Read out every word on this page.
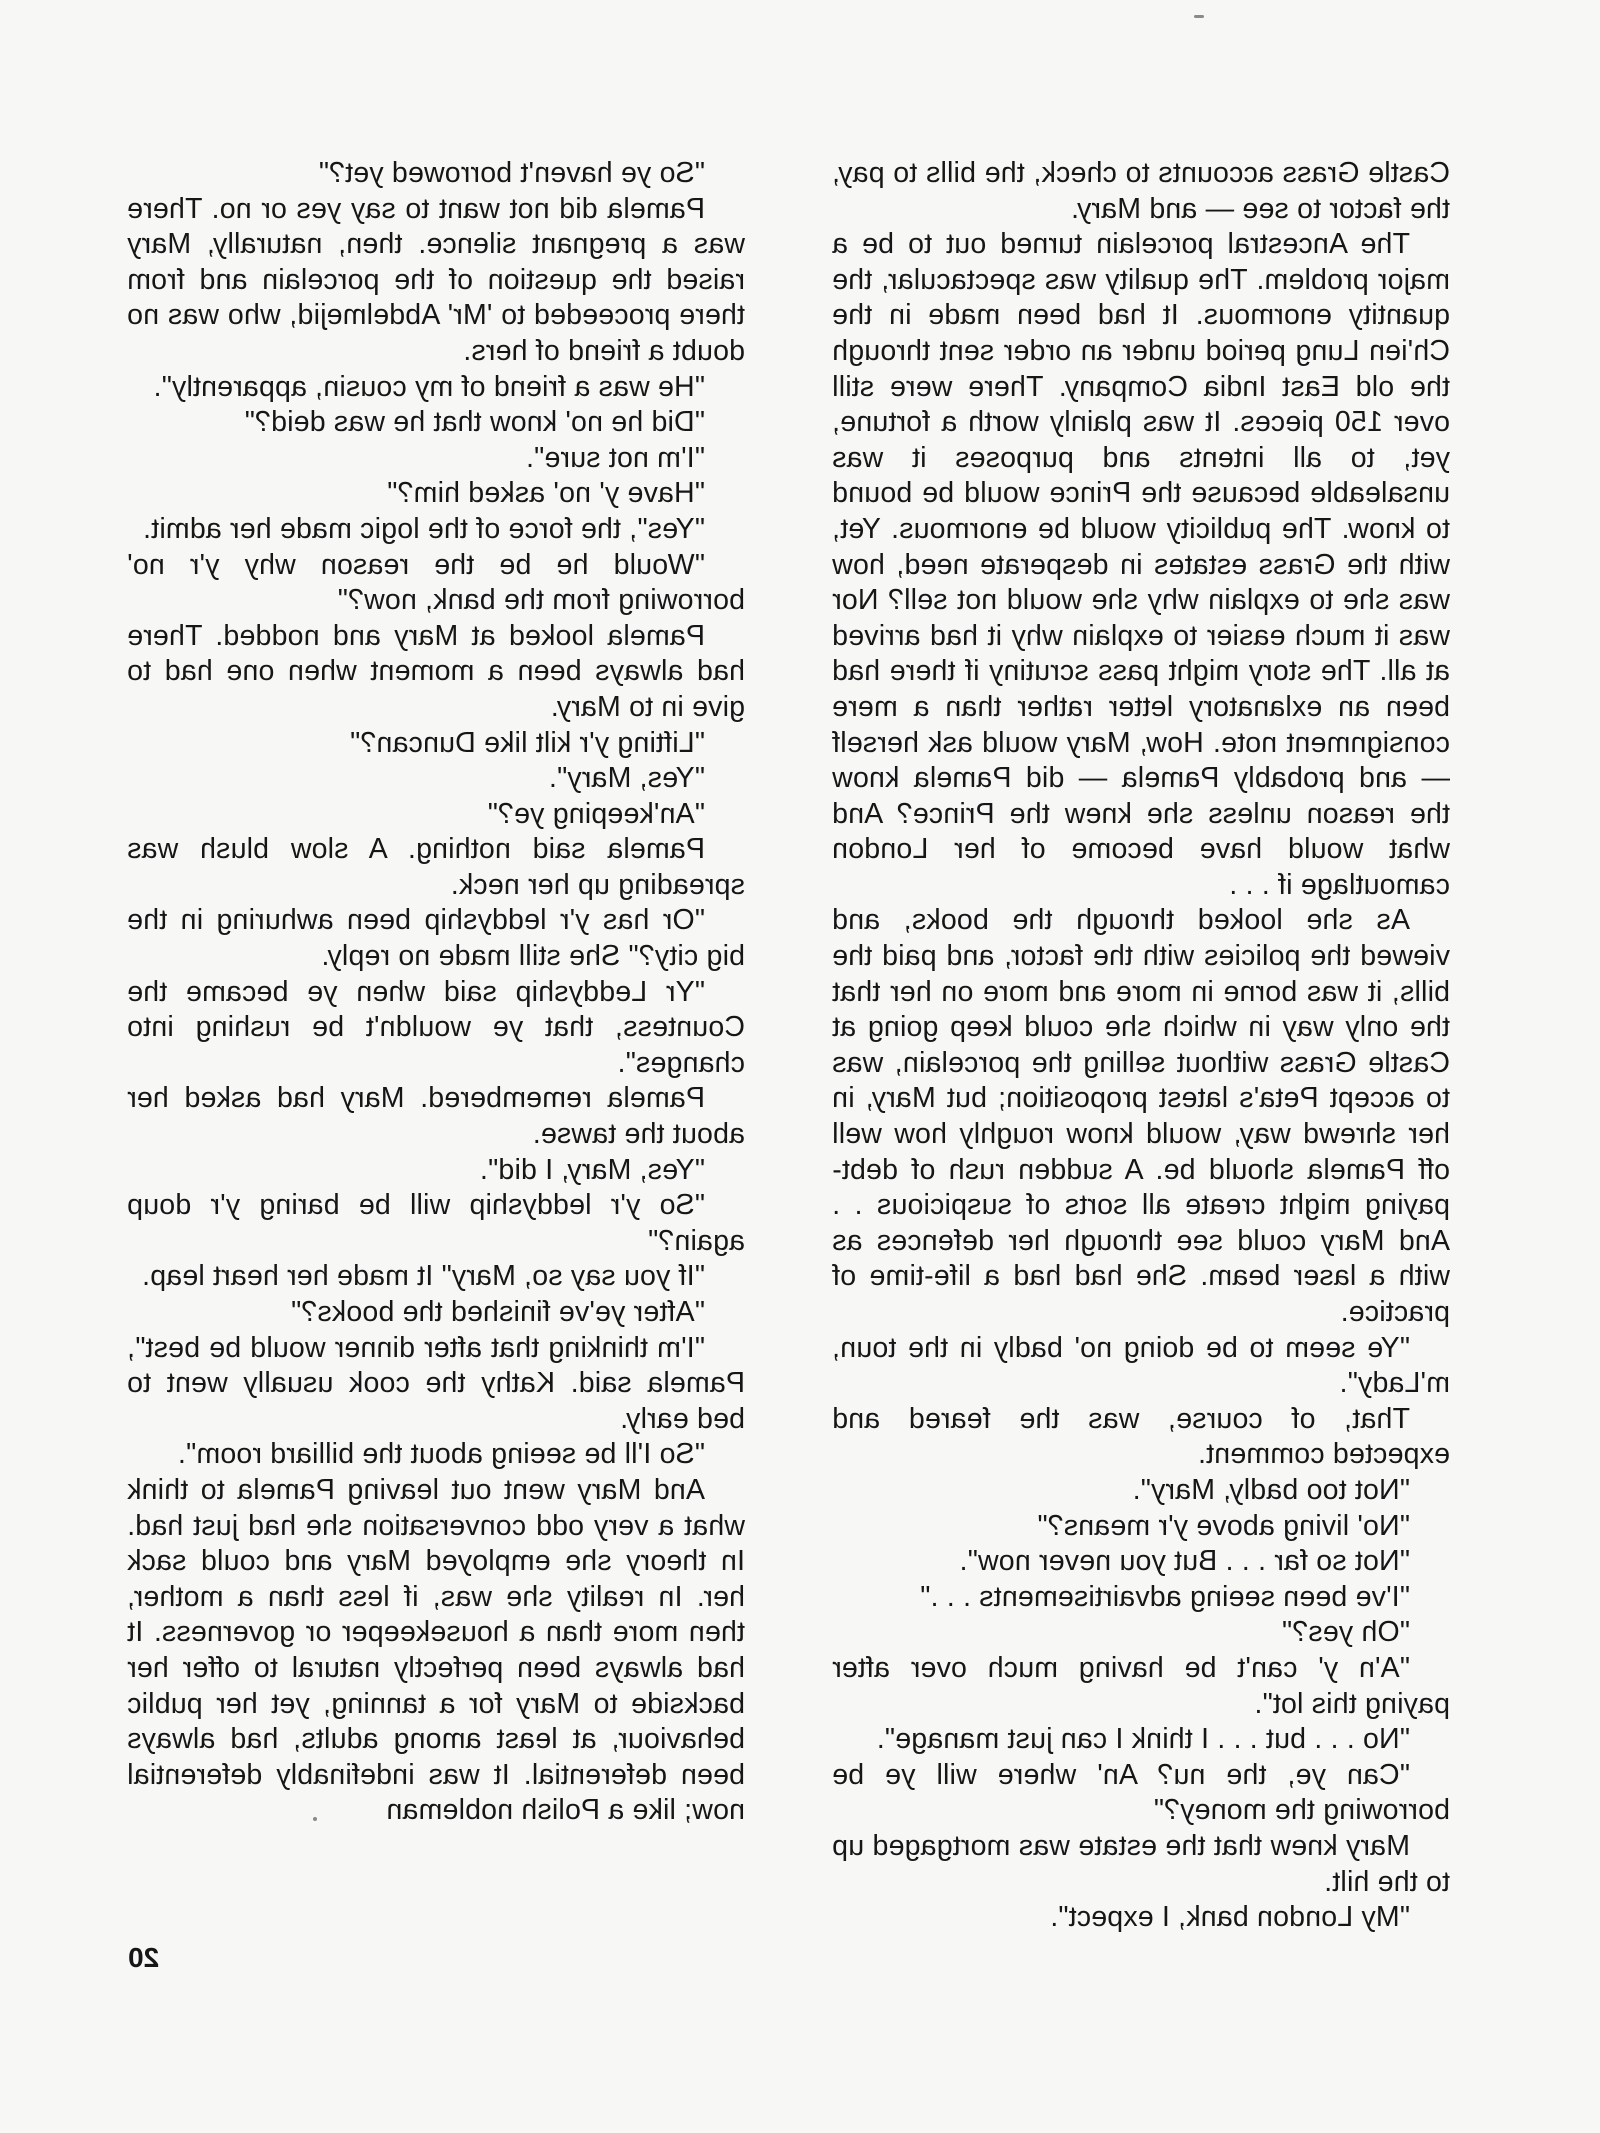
Castle Grass accounts to check, the bills to pay, the factor to see — and Mary.

The Ancestral porcelain turned out to be a major problem. The quality was spectacular, the quantity enormous. It had been made in the Ch'ien Lung period under an order sent through the old East India Company. There were still over 150 pieces. It was plainly worth a fortune, yet, to all intents and purposes it was unsaleable because the Prince would be bound to know. The publicity would be enormous. Yet, with the Grass estates in desperate need, how was she to explain why she would not sell? Nor was it much easier to explain why it had arrived at all. The story might pass scrutiny if there had been an exlanatory letter rather than a mere consignment note. How, Mary would ask herself — and probably Pamela — did Pamela know the reason unless she knew the Prince? And what would have become of her London camoutlage if . . .

As she looked through the books, and viewed the policies with the factor, and paid the bills, it was borne in more and more on her that the only way in which she could keep going at Castle Grass without selling the porcelain, was to accept Peta's latest proposition; but Mary, in her shrewd way, would know roughly how well off Pamela should be. A sudden rush of debt-paying might create all sorts of suspicious . . And Mary could see through her defences as with a laser beam. She had had a life-time of practice.

"Ye seem to be doing no' badly in the toun, m'Lady".

That, of course, was the feared and expected comment.

"Not too badly, Mary".

"No' living above y'r means?"

"Not so far . . . But you never now".

"I've been seeing advairtisements . . ."

"Oh yes?"

"A'n y' can't be having much over after paying this lot".

"No . . . but . . . I think I can just manage".

"Can ye, the nu? An' where will ye be borrowing the money?"

Mary knew that the estate was mortgaged up to the hilt.

"My London bank, I expect".

"So ye haven't borrowed yet?"

Pamela did not want to say yes or no. There was a pregnant silence. then, naturally, Mary raised the question of the porcelain and from there proceeded to 'Mr' Abdelmejid, who was no doubt a friend of hers.

"He was a friend of my cousin, apparently".

"Did he no' know that he was deid?"

"I'm not sure".

"Have y' no' asked him?"

"Yes", the force of the logic made her admit.

"Would he be the reason why y'r no' borrowing from the bank, now?"

Pamela looked at Mary and nodded. There had always been a moment when one had to give in to Mary.

"Lifting y'r kilt like Duncan?"

"Yes, Mary".

"An'keeping ye?"

Pamela said nothing. A slow blush was spreading up her neck.

"Or has y'r leddyship been awhuring in the big city?" She still made no reply.

"Yr Leddyship said when ye became the Countess, that ye wouldn't be rushing into changes".

Pamela remembered. Mary had asked her about the tawse.

"Yes, Mary, I did".

"So y'r leddyship will be baring y'r doup again?"

"If you say so, Mary" It made her heart leap.

"After ye've finished the books?"

"I'm thinking that after dinner would be best", Pamela said. Kathy the cook usually went to bed early.

"So I'll be seeing about the billiard room".

And Mary went out leaving Pamela to think what a very odd conversation she had just had. In theory she employed Mary and could sack her. In reality she was, if less than a mother, then more than a housekeeper or governess. It had always been perfectly natural to offer her backside to Mary for a tanning, yet her public behaviour, at least among adults, had always been deferential. It was indefinably deferential now; like a Polish nobleman

20
